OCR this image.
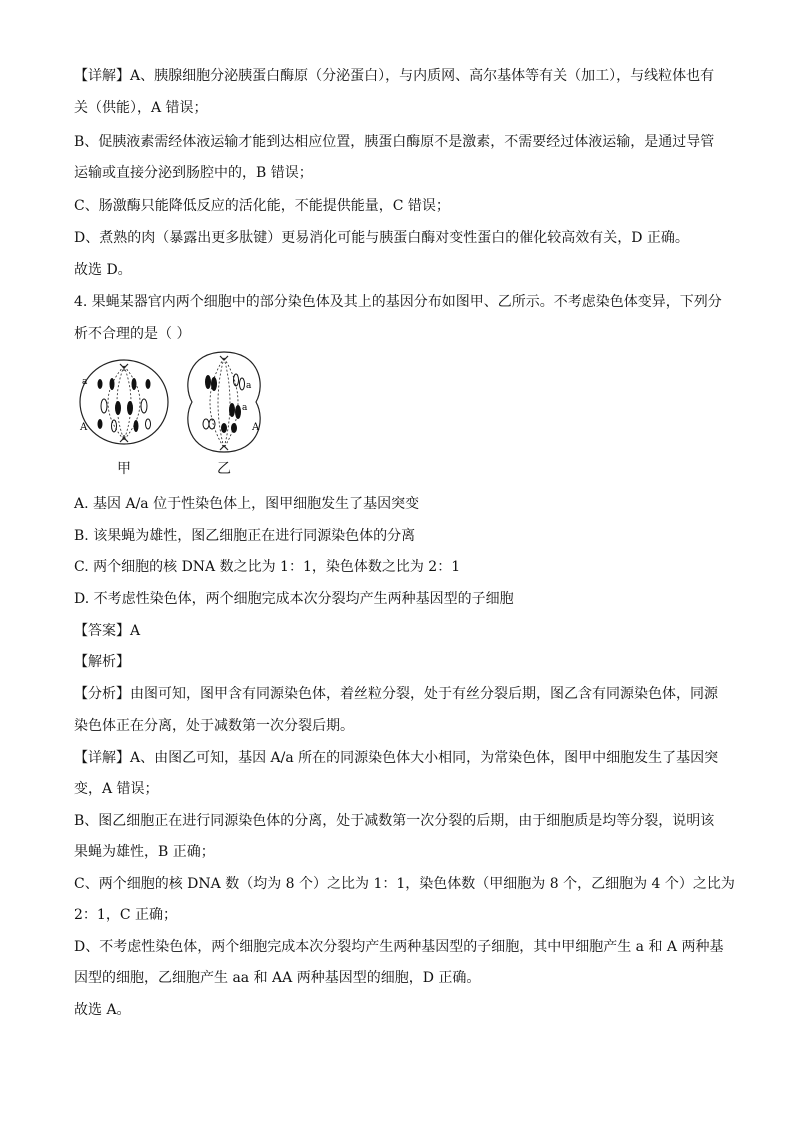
【详解】A、胰腺细胞分泌胰蛋白酶原（分泌蛋白），与内质网、高尔基体等有关（加工），与线粒体也有
关（供能），A 错误；
B、促胰液素需经体液运输才能到达相应位置，胰蛋白酶原不是激素，不需要经过体液运输，是通过导管
运输或直接分泌到肠腔中的，B 错误；
C、肠激酶只能降低反应的活化能，不能提供能量，C 错误；
D、煮熟的肉（暴露出更多肽键）更易消化可能与胰蛋白酶对变性蛋白的催化较高效有关，D 正确。
故选 D。
4. 果蝇某器官内两个细胞中的部分染色体及其上的基因分布如图甲、乙所示。不考虑染色体变异，下列分
析不合理的是（ ）
a
A
a
a
A
甲	乙
A. 基因 A/a 位于性染色体上，图甲细胞发生了基因突变
B. 该果蝇为雄性，图乙细胞正在进行同源染色体的分离
C. 两个细胞的核 DNA 数之比为 1：1，染色体数之比为 2：1
D. 不考虑性染色体，两个细胞完成本次分裂均产生两种基因型的子细胞
【答案】A
【解析】
【分析】由图可知，图甲含有同源染色体，着丝粒分裂，处于有丝分裂后期，图乙含有同源染色体，同源
染色体正在分离，处于减数第一次分裂后期。
【详解】A、由图乙可知，基因 A/a 所在的同源染色体大小相同，为常染色体，图甲中细胞发生了基因突
变，A 错误；
B、图乙细胞正在进行同源染色体的分离，处于减数第一次分裂的后期，由于细胞质是均等分裂，说明该
果蝇为雄性，B 正确；
C、两个细胞的核 DNA 数（均为 8 个）之比为 1：1，染色体数（甲细胞为 8 个，乙细胞为 4 个）之比为
2：1，C 正确；
D、不考虑性染色体，两个细胞完成本次分裂均产生两种基因型的子细胞，其中甲细胞产生 a 和 A 两种基
因型的细胞，乙细胞产生 aa 和 AA 两种基因型的细胞，D 正确。
故选 A。
